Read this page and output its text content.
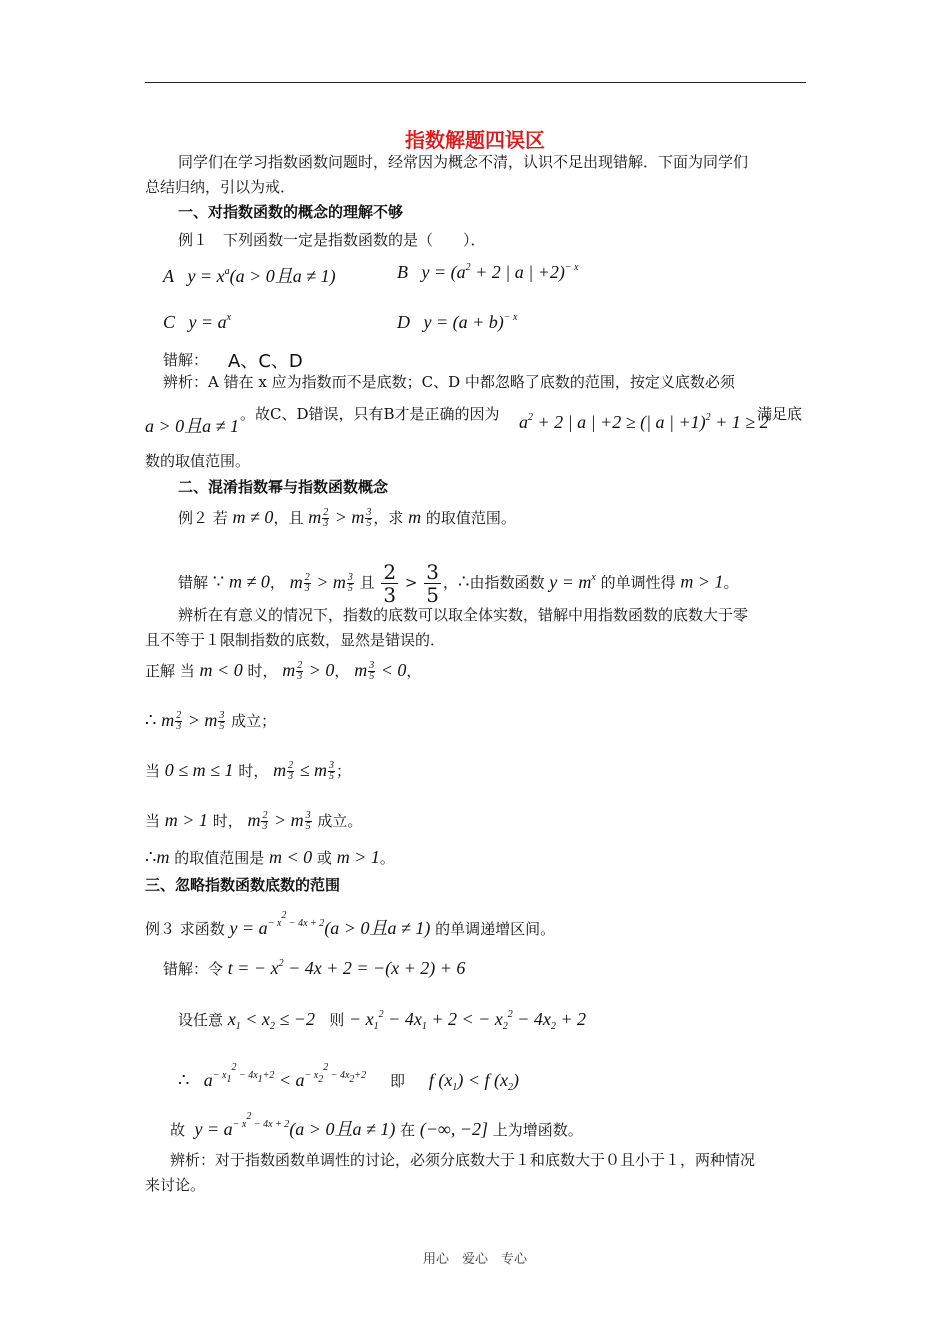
指数解题四误区
同学们在学习指数函数问题时，经常因为概念不清，认识不足出现错解．下面为同学们
总结归纳，引以为戒．
一、对指数函数的概念的理解不够
例１　下列函数一定是指数函数的是（　　）．
A   $y = x^a(a > 0$且a ≠ 1)	B   $y = (a^2 + 2$ | a | +2)$^{- x}$
C   $y = a^x$	D   $y = (a + b)^{- x}$
错解： A、C、D
辨析：A 错在 x 应为指数而不是底数；C、D 中都忽略了底数的范围，按定义底数必须
a > 0且a ≠ 1
。故C、D错误，只有B才是正确的因为 $a^2 + 2$ | a | +2 ≥ (| a | +1)$^2$ + 1 ≥ 2
满足底
数的取值范围。
二、混淆指数幂与指数函数概念
例２ 若 m ≠ 0，且 m $\frac{2}{3} > m \frac{3}{5}$ ，求 m 的取值范围。
错解 ∵ m ≠ 0， m $\frac{2}{3} > m \frac{3}{5}$ 且 $\frac{2}{3} > \frac{3}{5}$ ，∴由指数函数 $y = m^x$ 的单调性得 m > 1。
辨析在有意义的情况下，指数的底数可以取全体实数，错解中用指数函数的底数大于零
且不等于１限制指数的底数，显然是错误的．
正解 当 m < 0 时， m $\frac{2}{3} > 0$， m $\frac{3}{5} < 0$，
∴ m $\frac{2}{3} > m \frac{3}{5}$ 成立；
当 0 ≤ m ≤ 1 时， m $\frac{2}{3} \le m \frac{3}{5}$ ；
当 m > 1 时， m $\frac{2}{3} > m \frac{3}{5}$ 成立。
∴m 的取值范围是 m < 0 或 m > 1。
三、忽略指数函数底数的范围
例３ 求函数 $y = a^{- x^2 - 4x + 2}(a > 0$且a ≠ 1) 的单调递增区间。
错解：令 t = − $x^2 - 4x + 2 = -(x + 2) + 6$
设任意 $x_1 < x_2 \le -2$   则 − $x_1^2 - 4x_1 + 2$ < − $x_2^2 - 4x_2 + 2$
∴ $a^{- x_1^2 - 4x_1+2} < a^{- x_2^2 - 4x_2+2}$     即     f $(x_1) < f$ $(x_2)$
故  $y = a^{- x^2 - 4x + 2}(a > 0$且a ≠ 1) 在 (−∞, −2] 上为增函数。
辨析：对于指数函数单调性的讨论，必须分底数大于１和底数大于０且小于１，两种情况
来讨论。
用心　爱心　专心
